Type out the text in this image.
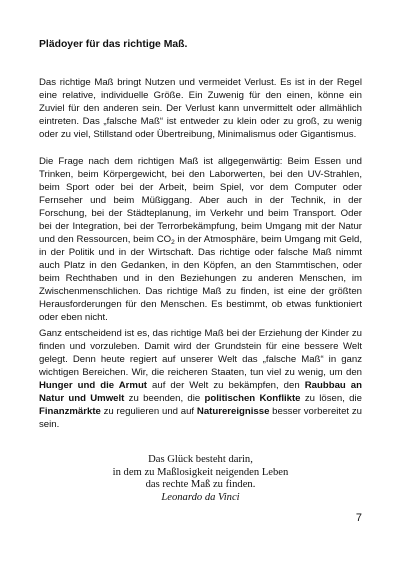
Plädoyer für das richtige Maß.

Das richtige Maß bringt Nutzen und vermeidet Verlust. Es ist in der Regel eine relative, individuelle Größe. Ein Zuwenig für den einen, könne ein Zuviel für den anderen sein. Der Verlust kann unvermittelt oder allmählich eintreten. Das „falsche Maß“ ist entweder zu klein oder zu groß, zu wenig oder zu viel, Stillstand oder Übertreibung, Minimalismus oder Gigantismus.

Die Frage nach dem richtigen Maß ist allgegenwärtig: Beim Essen und Trinken, beim Körpergewicht, bei den Laborwerten, bei den UV-Strahlen, beim Sport oder bei der Arbeit, beim Spiel, vor dem Computer oder Fernseher und beim Müßiggang. Aber auch in der Technik, in der Forschung, bei der Städteplanung, im Verkehr und beim Transport. Oder bei der Integration, bei der Terrorbekämpfung, beim Umgang mit der Natur und den Ressourcen, beim $CO_2$ in der Atmosphäre, beim Umgang mit Geld, in der Politik und in der Wirtschaft. Das richtige oder falsche Maß nimmt auch Platz in den Gedanken, in den Köpfen, an den Stammtischen, oder beim Rechthaben und in den Beziehungen zu anderen Menschen, im Zwischenmenschlichen. Das richtige Maß zu finden, ist eine der größten Herausforderungen für den Menschen. Es bestimmt, ob etwas funktioniert oder eben nicht.

Ganz entscheidend ist es, das richtige Maß bei der Erziehung der Kinder zu finden und vorzuleben. Damit wird der Grundstein für eine bessere Welt gelegt. Denn heute regiert auf unserer Welt das „falsche Maß“ in ganz wichtigen Bereichen. Wir, die reicheren Staaten, tun viel zu wenig, um den Hunger und die Armut auf der Welt zu bekämpfen, den Raubbau an Natur und Umwelt zu beenden, die politischen Konflikte zu lösen, die Finanzmärkte zu regulieren und auf Naturereignisse besser vorbereitet zu sein.

Das Glück besteht darin,
in dem zu Maßlosigkeit neigenden Leben
das rechte Maß zu finden.
Leonardo da Vinci
7
